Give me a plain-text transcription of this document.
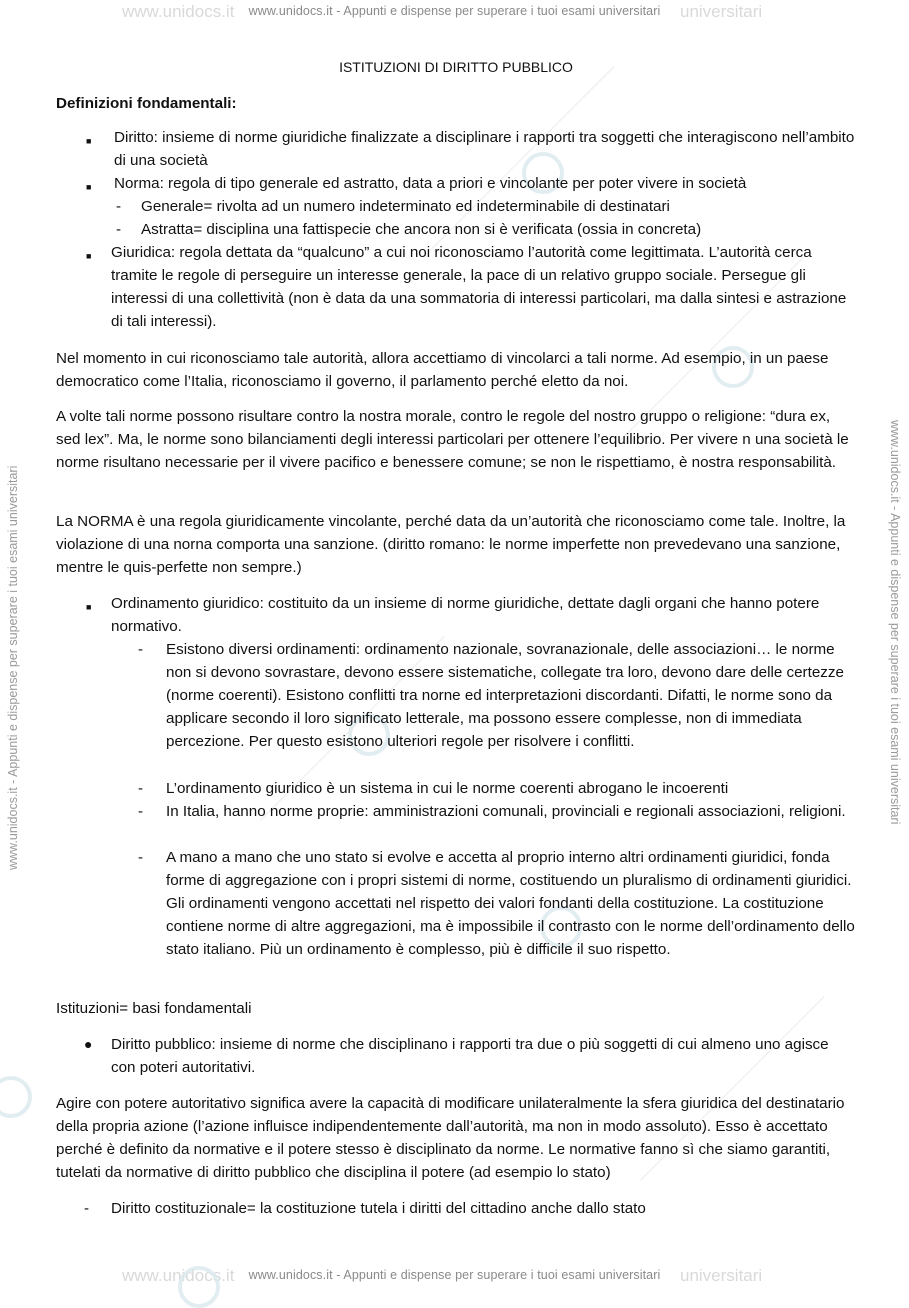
www.unidocs.it	universitari
www.unidocs.it - Appunti e dispense per superare i tuoi esami universitari
www.unidocs.it	universitari
www.unidocs.it - Appunti e dispense per superare i tuoi esami universitari
www.unidocs.it - Appunti e dispense per superare i tuoi esami universitari	www.unidocs.it - Appunti e dispense per superare i tuoi esami universitari
ISTITUZIONI DI DIRITTO PUBBLICO
Definizioni fondamentali:
■ Diritto: insieme di norme giuridiche finalizzate a disciplinare i rapporti tra soggetti che interagiscono nell’ambito di una società
■ Norma: regola di tipo generale ed astratto, data a priori e vincolante per poter vivere in società
- Generale= rivolta ad un numero indeterminato ed indeterminabile di destinatari
- Astratta= disciplina una fattispecie che ancora non si è verificata (ossia in concreta)
■ Giuridica: regola dettata da “qualcuno” a cui noi riconosciamo l’autorità come legittimata. L’autorità cerca tramite le regole di perseguire un interesse generale, la pace di un relativo gruppo sociale. Persegue gli interessi di una collettività (non è data da una sommatoria di interessi particolari, ma dalla sintesi e astrazione di tali interessi).
Nel momento in cui riconosciamo tale autorità, allora accettiamo di vincolarci a tali norme. Ad esempio, in un paese democratico come l’Italia, riconosciamo il governo, il parlamento perché eletto da noi.
A volte tali norme possono risultare contro la nostra morale, contro le regole del nostro gruppo o religione: “dura ex, sed lex”. Ma, le norme sono bilanciamenti degli interessi particolari per ottenere l’equilibrio. Per vivere n una società le norme risultano necessarie per il vivere pacifico e benessere comune; se non le rispettiamo, è nostra responsabilità.
La NORMA è una regola giuridicamente vincolante, perché data da un’autorità che riconosciamo come tale. Inoltre, la violazione di una norna comporta una sanzione. (diritto romano: le norme imperfette non prevedevano una sanzione, mentre le quis-perfette non sempre.)
■ Ordinamento giuridico: costituito da un insieme di norme giuridiche, dettate dagli organi che hanno potere normativo.
- Esistono diversi ordinamenti: ordinamento nazionale, sovranazionale, delle associazioni… le norme non si devono sovrastare, devono essere sistematiche, collegate tra loro, devono dare delle certezze (norme coerenti). Esistono conflitti tra norne ed interpretazioni discordanti. Difatti, le norme sono da applicare secondo il loro significato letterale, ma possono essere complesse, non di immediata percezione. Per questo esistono ulteriori regole per risolvere i conflitti.
- L’ordinamento giuridico è un sistema in cui le norme coerenti abrogano le incoerenti
- In Italia, hanno norme proprie: amministrazioni comunali, provinciali e regionali associazioni, religioni.
- A mano a mano che uno stato si evolve e accetta al proprio interno altri ordinamenti giuridici, fonda forme di aggregazione con i propri sistemi di norme, costituendo un pluralismo di ordinamenti giuridici. Gli ordinamenti vengono accettati nel rispetto dei valori fondanti della costituzione. La costituzione contiene norme di altre aggregazioni, ma è impossibile il contrasto con le norme dell’ordinamento dello stato italiano. Più un ordinamento è complesso, più è difficile il suo rispetto.
Istituzioni= basi fondamentali
● Diritto pubblico: insieme di norme che disciplinano i rapporti tra due o più soggetti di cui almeno uno agisce con poteri autoritativi.
Agire con potere autoritativo significa avere la capacità di modificare unilateralmente la sfera giuridica del destinatario della propria azione (l’azione influisce indipendentemente dall’autorità, ma non in modo assoluto). Esso è accettato perché è definito da normative e il potere stesso è disciplinato da norme. Le normative fanno sì che siamo garantiti, tutelati da normative di diritto pubblico che disciplina il potere (ad esempio lo stato)
- Diritto costituzionale= la costituzione tutela i diritti del cittadino anche dallo stato
